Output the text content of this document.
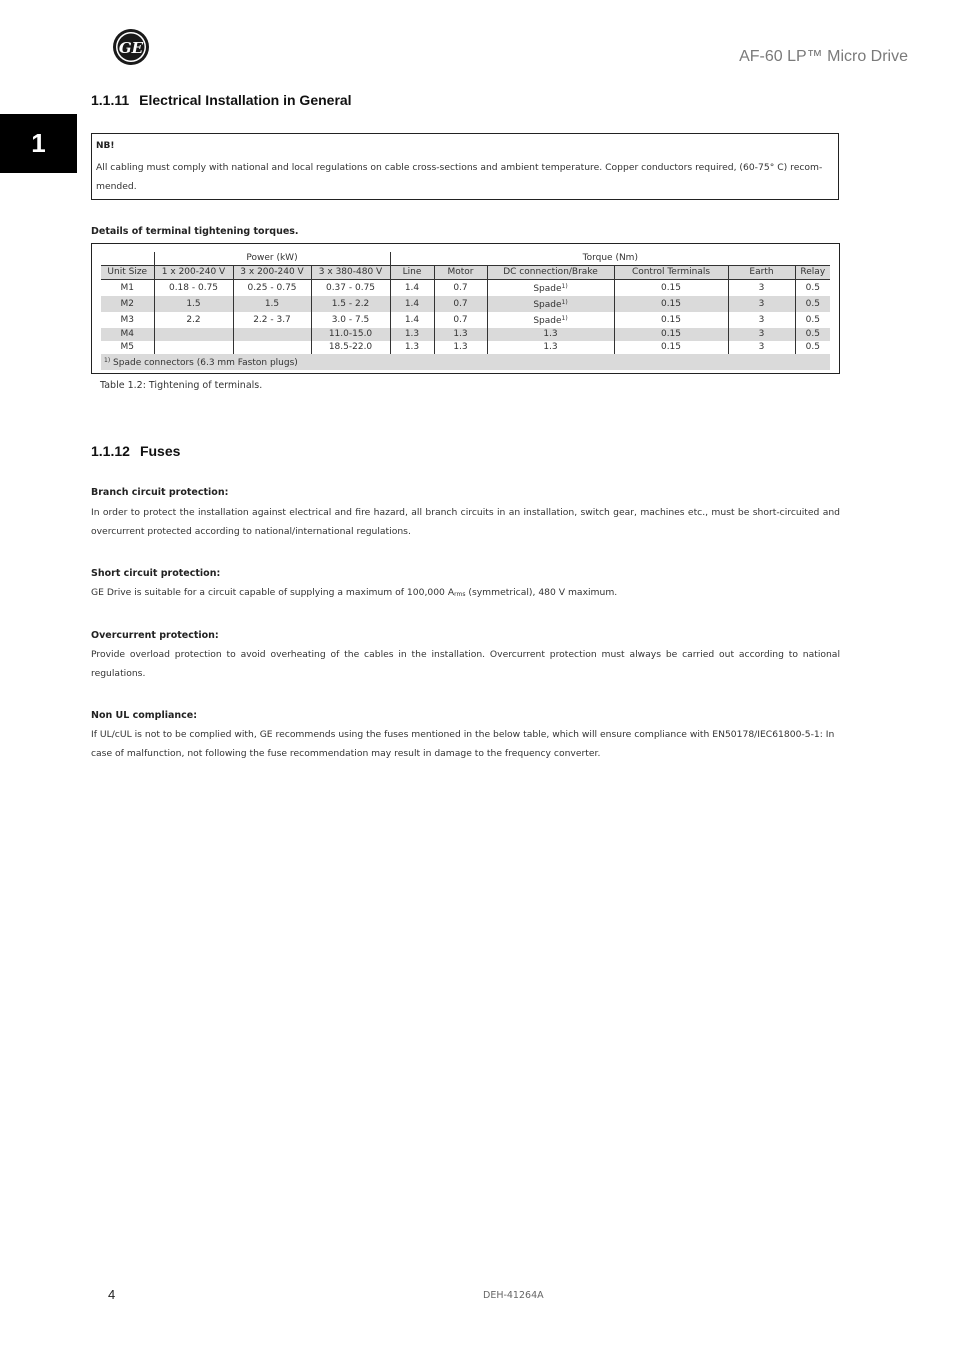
GE	AF-60 LP™ Micro Drive
1
1.1.11 Electrical Installation in General
NB!
All cabling must comply with national and local regulations on cable cross-sections and ambient temperature. Copper conductors required, (60-75° C) recom-mended.
Details of terminal tightening torques.
	Power (kW)			Torque (Nm)					
Unit Size	1 x 200-240 V	3 x 200-240 V	3 x 380-480 V	Line	Motor	DC connection/Brake	Control Terminals	Earth	Relay
M1	0.18 - 0.75	0.25 - 0.75	0.37 - 0.75	1.4	0.7	Spade$^{1)}$	0.15	3	0.5
M2	1.5	1.5	1.5 - 2.2	1.4	0.7	Spade$^{1)}$	0.15	3	0.5
M3	2.2	2.2 - 3.7	3.0 - 7.5	1.4	0.7	Spade$^{1)}$	0.15	3	0.5
M4			11.0-15.0	1.3	1.3	1.3	0.15	3	0.5
M5			18.5-22.0	1.3	1.3	1.3	0.15	3	0.5
$^{1)}$ Spade connectors (6.3 mm Faston plugs)									
Table 1.2: Tightening of terminals.
1.1.12 Fuses
Branch circuit protection:
In order to protect the installation against electrical and fire hazard, all branch circuits in an installation, switch gear, machines etc., must be short-circuited and overcurrent protected according to national/international regulations.
Short circuit protection:
GE Drive is suitable for a circuit capable of supplying a maximum of 100,000 $A_{rms}$ (symmetrical), 480 V maximum.
Overcurrent protection:
Provide overload protection to avoid overheating of the cables in the installation. Overcurrent protection must always be carried out according to national regulations.
Non UL compliance:
If UL/cUL is not to be complied with, GE recommends using the fuses mentioned in the below table, which will ensure compliance with EN50178/IEC61800-5-1: In case of malfunction, not following the fuse recommendation may result in damage to the frequency converter.
4	DEH-41264A
